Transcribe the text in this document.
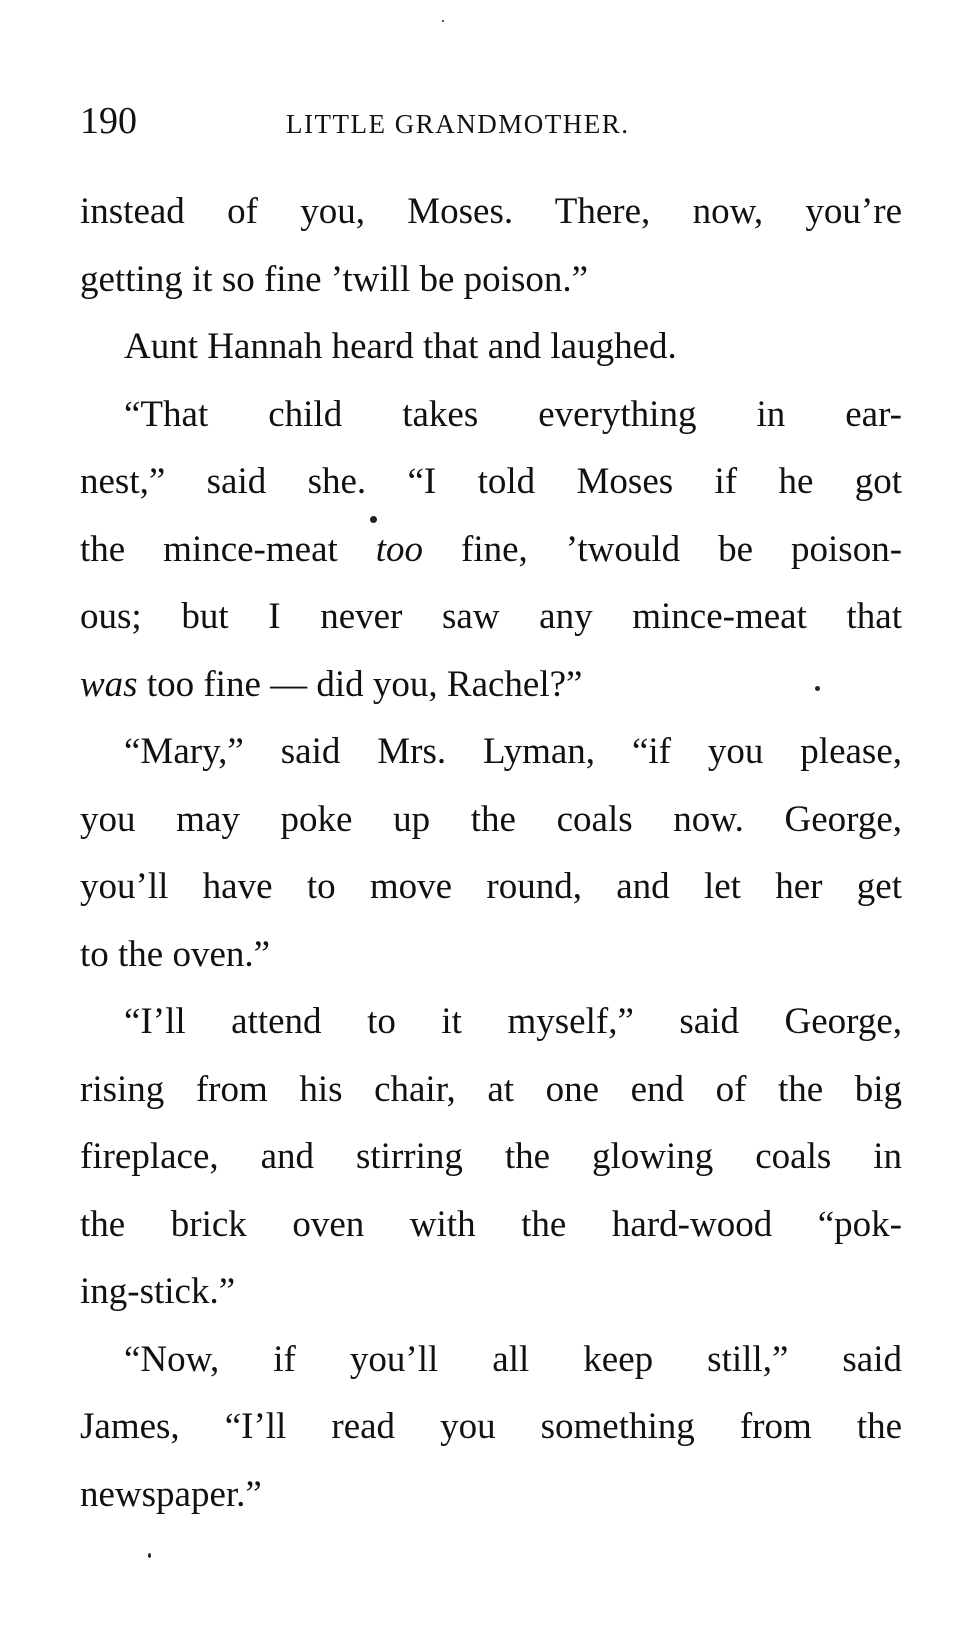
190	LITTLE GRANDMOTHER.
instead of you, Moses. There, now, you’re
getting it so fine ’twill be poison.”
Aunt Hannah heard that and laughed.
“That child takes everything in ear-
nest,” said she. “I told Moses if he got
the mince-meat too fine, ’twould be poison-
ous; but I never saw any mince-meat that
was too fine — did you, Rachel?”
“Mary,” said Mrs. Lyman, “if you please,
you may poke up the coals now. George,
you’ll have to move round, and let her get
to the oven.”
“I’ll attend to it myself,” said George,
rising from his chair, at one end of the big
fireplace, and stirring the glowing coals in
the brick oven with the hard-wood “pok-
ing-stick.”
“Now, if you’ll all keep still,” said
James, “I’ll read you something from the
newspaper.”
